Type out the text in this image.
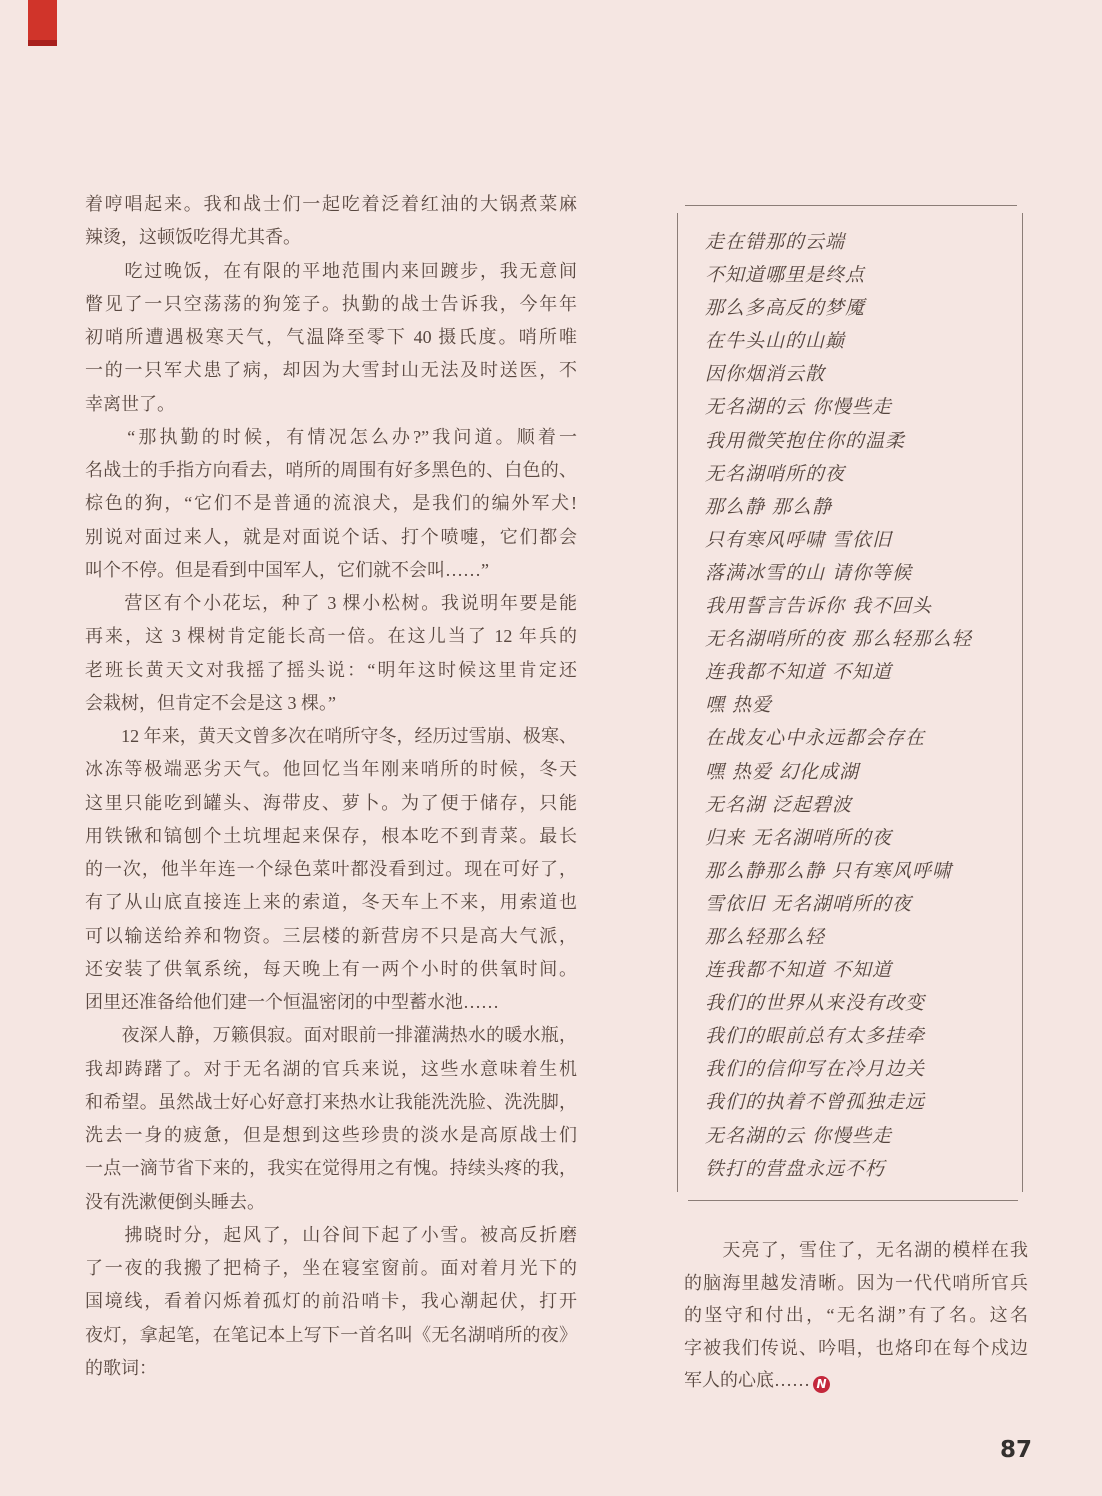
着哼唱起来。我和战士们一起吃着泛着红油的大锅煮菜麻
辣烫，这顿饭吃得尤其香。
　　吃过晚饭，在有限的平地范围内来回踱步，我无意间
瞥见了一只空荡荡的狗笼子。执勤的战士告诉我，今年年
初哨所遭遇极寒天气，气温降至零下 40 摄氏度。哨所唯
一的一只军犬患了病，却因为大雪封山无法及时送医，不
幸离世了。
　　“那执勤的时候，有情况怎么办?”我问道。顺着一
名战士的手指方向看去，哨所的周围有好多黑色的、白色的、
棕色的狗，“它们不是普通的流浪犬，是我们的编外军犬!
别说对面过来人，就是对面说个话、打个喷嚏，它们都会
叫个不停。但是看到中国军人，它们就不会叫……”
　　营区有个小花坛，种了 3 棵小松树。我说明年要是能
再来，这 3 棵树肯定能长高一倍。在这儿当了 12 年兵的
老班长黄天文对我摇了摇头说：“明年这时候这里肯定还
会栽树，但肯定不会是这 3 棵。”
　　12 年来，黄天文曾多次在哨所守冬，经历过雪崩、极寒、
冰冻等极端恶劣天气。他回忆当年刚来哨所的时候，冬天
这里只能吃到罐头、海带皮、萝卜。为了便于储存，只能
用铁锹和镐刨个土坑埋起来保存，根本吃不到青菜。最长
的一次，他半年连一个绿色菜叶都没看到过。现在可好了，
有了从山底直接连上来的索道，冬天车上不来，用索道也
可以输送给养和物资。三层楼的新营房不只是高大气派，
还安装了供氧系统，每天晚上有一两个小时的供氧时间。
团里还准备给他们建一个恒温密闭的中型蓄水池……
　　夜深人静，万籁俱寂。面对眼前一排灌满热水的暖水瓶，
我却踌躇了。对于无名湖的官兵来说，这些水意味着生机
和希望。虽然战士好心好意打来热水让我能洗洗脸、洗洗脚，
洗去一身的疲惫，但是想到这些珍贵的淡水是高原战士们
一点一滴节省下来的，我实在觉得用之有愧。持续头疼的我，
没有洗漱便倒头睡去。
　　拂晓时分，起风了，山谷间下起了小雪。被高反折磨
了一夜的我搬了把椅子，坐在寝室窗前。面对着月光下的
国境线，看着闪烁着孤灯的前沿哨卡，我心潮起伏，打开
夜灯，拿起笔，在笔记本上写下一首名叫《无名湖哨所的夜》
的歌词：
走在错那的云端
不知道哪里是终点
那么多高反的梦魇
在牛头山的山巅
因你烟消云散
无名湖的云 你慢些走
我用微笑抱住你的温柔
无名湖哨所的夜
那么静 那么静
只有寒风呼啸 雪依旧
落满冰雪的山 请你等候
我用誓言告诉你 我不回头
无名湖哨所的夜 那么轻那么轻
连我都不知道 不知道
嘿 热爱
在战友心中永远都会存在
嘿 热爱 幻化成湖
无名湖 泛起碧波
归来 无名湖哨所的夜
那么静那么静 只有寒风呼啸
雪依旧 无名湖哨所的夜
那么轻那么轻
连我都不知道 不知道
我们的世界从来没有改变
我们的眼前总有太多挂牵
我们的信仰写在冷月边关
我们的执着不曾孤独走远
无名湖的云 你慢些走
铁打的营盘永远不朽
　　天亮了，雪住了，无名湖的模样在我
的脑海里越发清晰。因为一代代哨所官兵
的坚守和付出，“无名湖”有了名。这名
字被我们传说、吟唱，也烙印在每个戍边
军人的心底…… N
87
